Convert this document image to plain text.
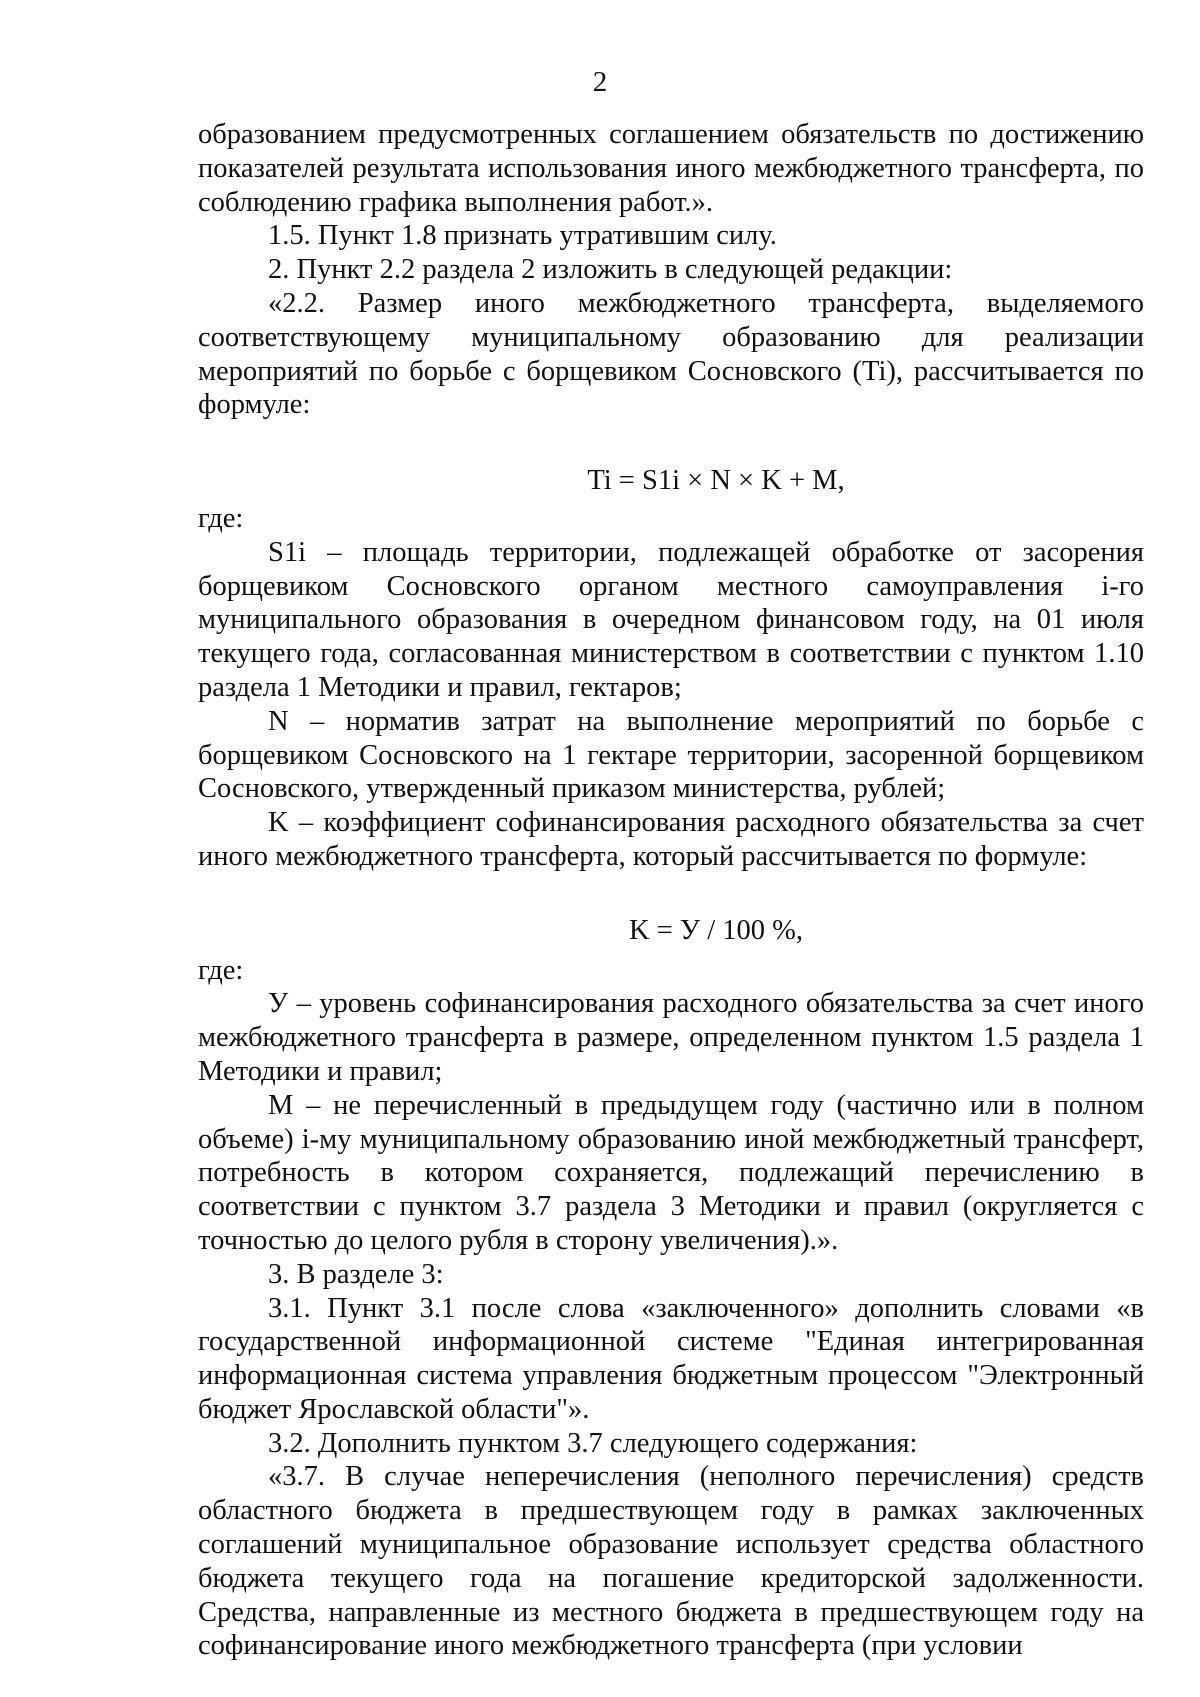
2

образованием предусмотренных соглашением обязательств по достижению показателей результата использования иного межбюджетного трансферта, по соблюдению графика выполнения работ.».

1.5. Пункт 1.8 признать утратившим силу.

2. Пункт 2.2 раздела 2 изложить в следующей редакции:

«2.2. Размер иного межбюджетного трансферта, выделяемого соответствующему муниципальному образованию для реализации мероприятий по борьбе с борщевиком Сосновского (Ti), рассчитывается по формуле:

Ti = S1i × N × K + M,

где:

S1i – площадь территории, подлежащей обработке от засорения борщевиком Сосновского органом местного самоуправления i-го муниципального образования в очередном финансовом году, на 01 июля текущего года, согласованная министерством в соответствии с пунктом 1.10 раздела 1 Методики и правил, гектаров;

N – норматив затрат на выполнение мероприятий по борьбе с борщевиком Сосновского на 1 гектаре территории, засоренной борщевиком Сосновского, утвержденный приказом министерства, рублей;

K – коэффициент софинансирования расходного обязательства за счет иного межбюджетного трансферта, который рассчитывается по формуле:

K = У / 100 %,

где:

У – уровень софинансирования расходного обязательства за счет иного межбюджетного трансферта в размере, определенном пунктом 1.5 раздела 1 Методики и правил;

М – не перечисленный в предыдущем году (частично или в полном объеме) i-му муниципальному образованию иной межбюджетный трансферт, потребность в котором сохраняется, подлежащий перечислению в соответствии с пунктом 3.7 раздела 3 Методики и правил (округляется с точностью до целого рубля в сторону увеличения).».

3. В разделе 3:

3.1. Пункт 3.1 после слова «заключенного» дополнить словами «в государственной информационной системе "Единая интегрированная информационная система управления бюджетным процессом "Электронный бюджет Ярославской области"».

3.2. Дополнить пунктом 3.7 следующего содержания:

«3.7. В случае неперечисления (неполного перечисления) средств областного бюджета в предшествующем году в рамках заключенных соглашений муниципальное образование использует средства областного бюджета текущего года на погашение кредиторской задолженности. Средства, направленные из местного бюджета в предшествующем году на софинансирование иного межбюджетного трансферта (при условии
